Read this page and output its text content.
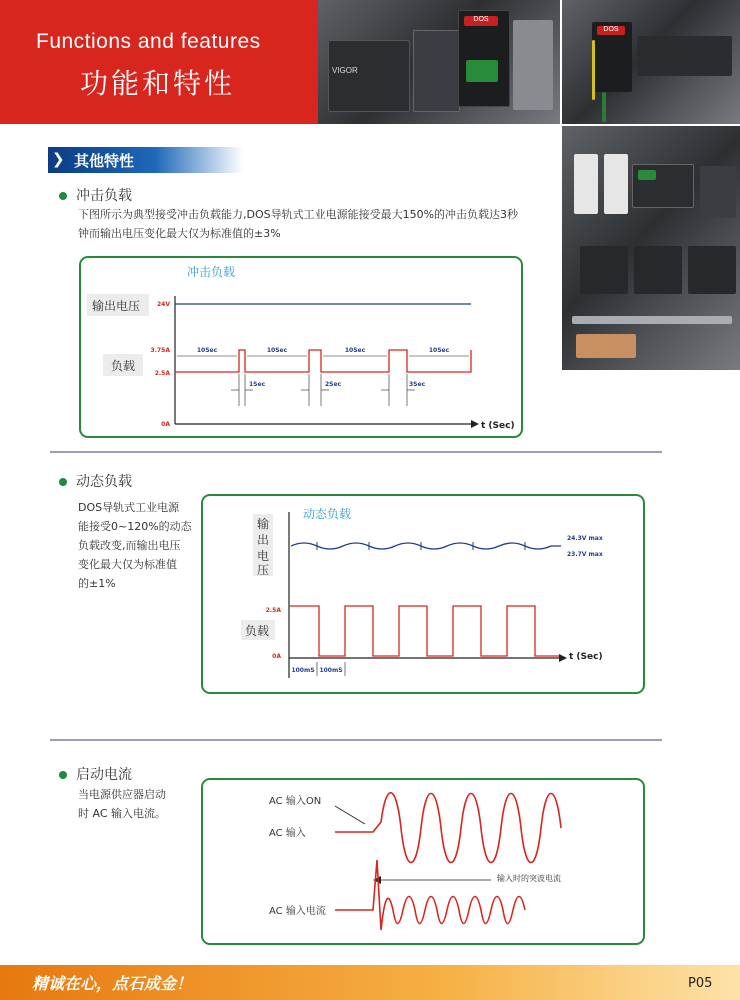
Functions and features
功能和特性	VIGOR
DOS
DOS
❯ 其他特性
冲击负载
下图所示为典型接受冲击负载能力,DOS导轨式工业电源能接受最大150%的冲击负载达3秒
钟而输出电压变化最大仅为标准值的±3%
冲击负载
输出电压
负载
24V
3.75A
2.5A
0A	t (Sec)
10Sec	10Sec	10Sec	10Sec
1Sec	2Sec	3Sec
动态负载
DOS导轨式工业电源
能接受0~120%的动态
负载改变,而输出电压
变化最大仅为标准值
的±1%
动态负载
输
出
电
压
负载
2.5A
0A	t (Sec)
24.3V max
23.7V max
100mS 100mS
启动电流
当电源供应器启动
时 AC 输入电流。
AC 输入ON
AC 输入
输入时的突波电流
AC 输入电流
精诚在心，点石成金！	P05
